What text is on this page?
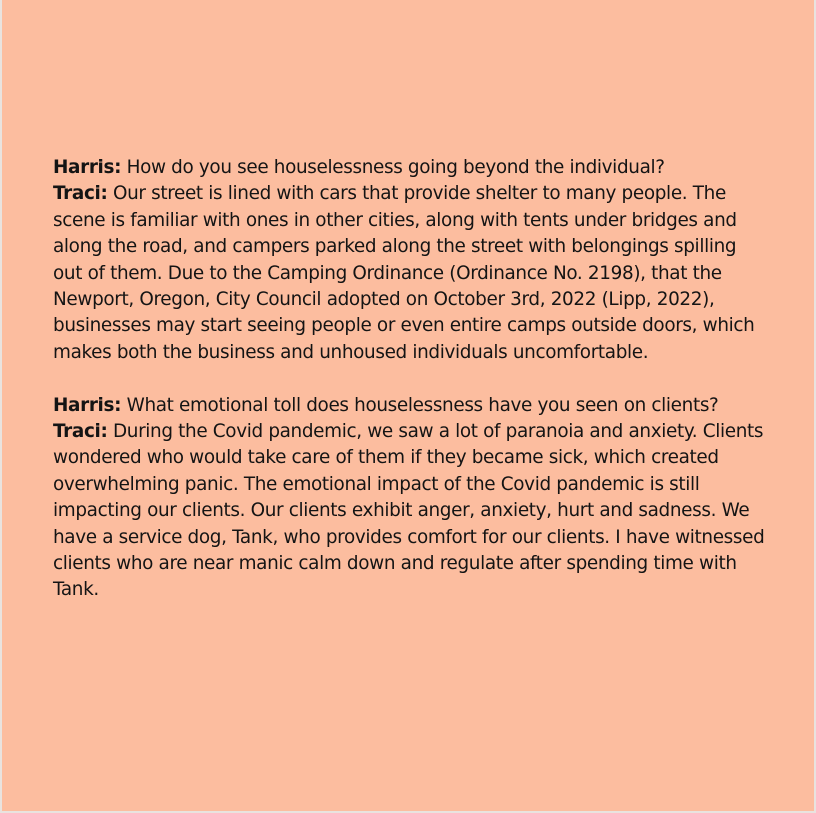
Harris: How do you see houselessness going beyond the individual?

Traci: Our street is lined with cars that provide shelter to many people. The scene is familiar with ones in other cities, along with tents under bridges and along the road, and campers parked along the street with belongings spilling out of them. Due to the Camping Ordinance (Ordinance No. 2198), that the Newport, Oregon, City Council adopted on October 3rd, 2022 (Lipp, 2022), businesses may start seeing people or even entire camps outside doors, which makes both the business and unhoused individuals uncomfortable.

Harris: What emotional toll does houselessness have you seen on clients?

Traci: During the Covid pandemic, we saw a lot of paranoia and anxiety. Clients wondered who would take care of them if they became sick, which created overwhelming panic. The emotional impact of the Covid pandemic is still impacting our clients. Our clients exhibit anger, anxiety, hurt and sadness. We have a service dog, Tank, who provides comfort for our clients. I have witnessed clients who are near manic calm down and regulate after spending time with Tank.
